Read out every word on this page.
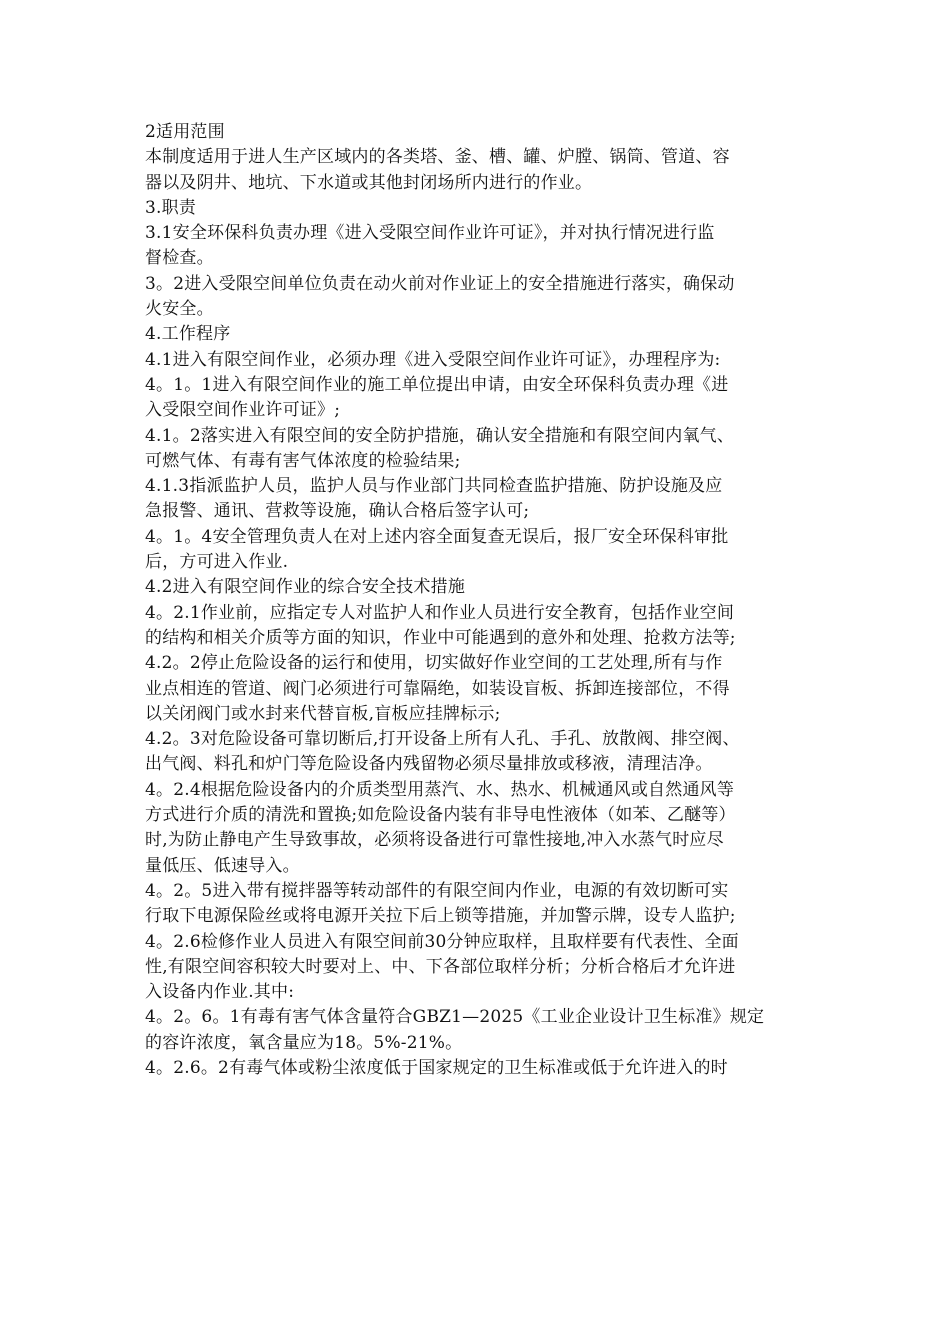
2适用范围
本制度适用于进人生产区域内的各类塔、釜、槽、罐、炉膛、锅筒、管道、容
器以及阴井、地坑、下水道或其他封闭场所内进行的作业。
3.职责
3.1安全环保科负责办理《进入受限空间作业许可证》，并对执行情况进行监
督检查。
3。2进入受限空间单位负责在动火前对作业证上的安全措施进行落实，确保动
火安全。
4.工作程序
4.1进入有限空间作业，必须办理《进入受限空间作业许可证》，办理程序为:
4。1。1进入有限空间作业的施工单位提出申请，由安全环保科负责办理《进
入受限空间作业许可证》;
4.1。2落实进入有限空间的安全防护措施，确认安全措施和有限空间内氧气、
可燃气体、有毒有害气体浓度的检验结果;
4.1.3指派监护人员，监护人员与作业部门共同检查监护措施、防护设施及应
急报警、通讯、营救等设施，确认合格后签字认可;
4。1。4安全管理负责人在对上述内容全面复查无误后，报厂安全环保科审批
后，方可进入作业.
4.2进入有限空间作业的综合安全技术措施
4。2.1作业前，应指定专人对监护人和作业人员进行安全教育，包括作业空间
的结构和相关介质等方面的知识，作业中可能遇到的意外和处理、抢救方法等;
4.2。2停止危险设备的运行和使用，切实做好作业空间的工艺处理,所有与作
业点相连的管道、阀门必须进行可靠隔绝，如装设盲板、拆卸连接部位，不得
以关闭阀门或水封来代替盲板,盲板应挂牌标示;
4.2。3对危险设备可靠切断后,打开设备上所有人孔、手孔、放散阀、排空阀、
出气阀、料孔和炉门等危险设备内残留物必须尽量排放或移液，清理洁净。
4。2.4根据危险设备内的介质类型用蒸汽、水、热水、机械通风或自然通风等
方式进行介质的清洗和置换;如危险设备内装有非导电性液体（如苯、乙醚等）
时,为防止静电产生导致事故，必须将设备进行可靠性接地,冲入水蒸气时应尽
量低压、低速导入。
4。2。5进入带有搅拌器等转动部件的有限空间内作业，电源的有效切断可实
行取下电源保险丝或将电源开关拉下后上锁等措施，并加警示牌，设专人监护;
4。2.6检修作业人员进入有限空间前30分钟应取样，且取样要有代表性、全面
性,有限空间容积较大时要对上、中、下各部位取样分析；分析合格后才允许进
入设备内作业.其中:
4。2。6。1有毒有害气体含量符合GBZ1—2025《工业企业设计卫生标准》规定
的容许浓度，氧含量应为18。5%-21%。
4。2.6。2有毒气体或粉尘浓度低于国家规定的卫生标准或低于允许进入的时
